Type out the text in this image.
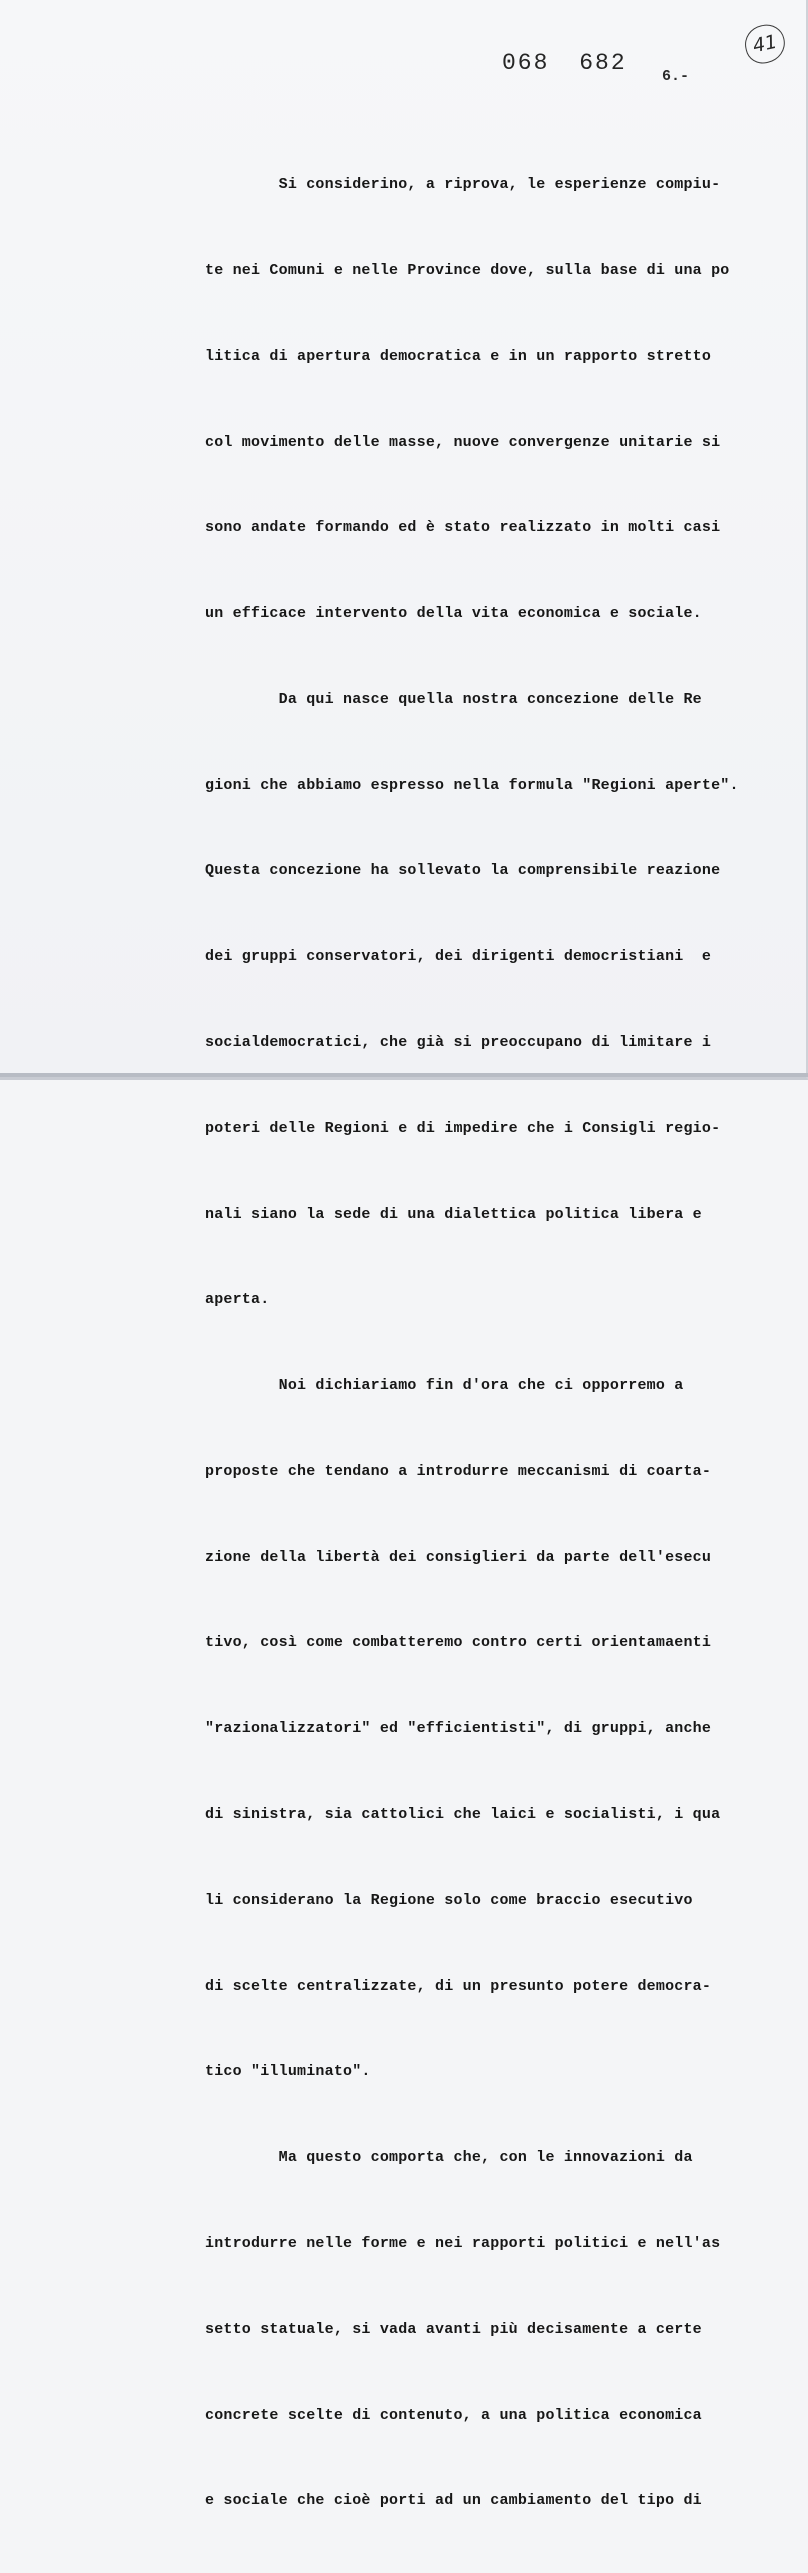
068 682
6.-
41

Si considerino, a riprova, le esperienze compiu-

te nei Comuni e nelle Province dove, sulla base di una po

litica di apertura democratica e in un rapporto stretto

col movimento delle masse, nuove convergenze unitarie si

sono andate formando ed è stato realizzato in molti casi

un efficace intervento della vita economica e sociale.

Da qui nasce quella nostra concezione delle Re

gioni che abbiamo espresso nella formula "Regioni aperte".

Questa concezione ha sollevato la comprensibile reazione

dei gruppi conservatori, dei dirigenti democristiani  e

socialdemocratici, che già si preoccupano di limitare i

poteri delle Regioni e di impedire che i Consigli regio-

nali siano la sede di una dialettica politica libera e

aperta.

Noi dichiariamo fin d'ora che ci opporremo a

proposte che tendano a introdurre meccanismi di coarta-

zione della libertà dei consiglieri da parte dell'esecu

tivo, così come combatteremo contro certi orientamaenti

"razionalizzatori" ed "efficientisti", di gruppi, anche

di sinistra, sia cattolici che laici e socialisti, i qua

li considerano la Regione solo come braccio esecutivo

di scelte centralizzate, di un presunto potere democra-

tico "illuminato".

Ma questo comporta che, con le innovazioni da

introdurre nelle forme e nei rapporti politici e nell'as

setto statuale, si vada avanti più decisamente a certe

concrete scelte di contenuto, a una politica economica

e sociale che cioè porti ad un cambiamento del tipo di
